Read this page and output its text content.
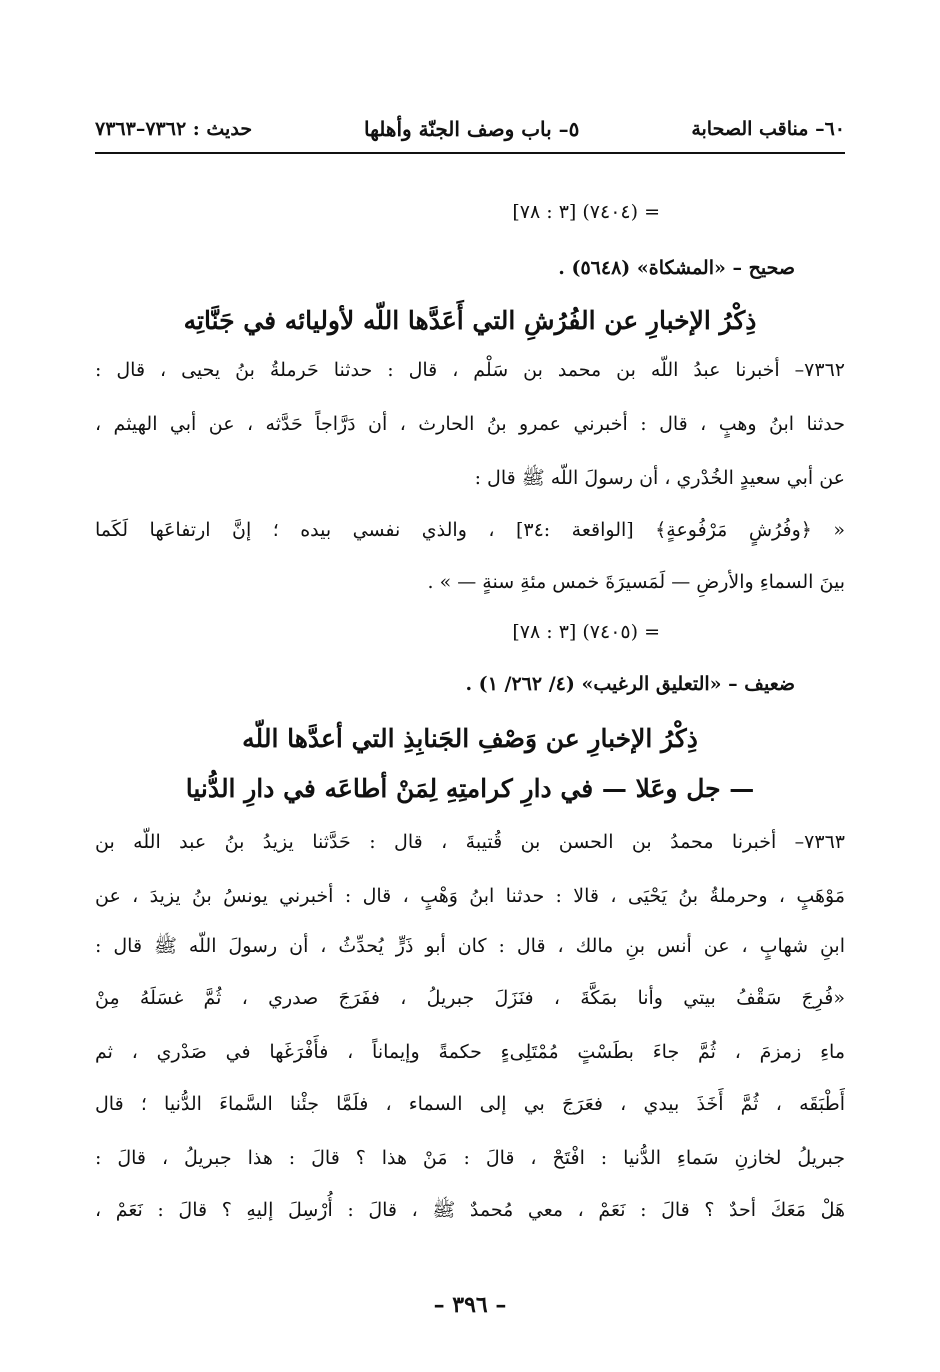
٦٠– مناقب الصحابة
٥– باب وصف الجنّة وأهلها
حديث : ٧٣٦٢–٧٣٦٣
= (٧٤٠٤) [٣ : ٧٨]
صحيح – «المشكاة» (٥٦٤٨) .
ذِكْرُ الإخبارِ عن الفُرُشِ التي أَعَدَّها اللّه لأوليائه في جَنَّاتِه
٧٣٦٢– أخبرنا عبدُ اللّه بن محمد بن سَلْم ، قال : حدثنا حَرملةُ بنُ يحيى ، قال :
حدثنا ابنُ وهبٍ ، قال : أخبرني عمرو بنُ الحارث ، أن دَرَّاجاً حَدَّثه ، عن أبي الهيثم ،
عن أبي سعيدٍ الخُدْري ، أن رسولَ اللّه ﷺ قال :
« ﴿وفُرُشٍ مَرْفُوعةٍ﴾ [الواقعة :٣٤] ، والذي نفسي بيده ؛ إنَّ ارتفاعَها لَكَما
بينَ السماءِ والأرضِ — لَمَسيرَةَ خمس مئةِ سنةٍ — » .
= (٧٤٠٥) [٣ : ٧٨]
ضعيف – «التعليق الرغيب» (٤/ ٢٦٢/ ١) .
ذِكْرُ الإخبارِ عن وَصْفِ الجَنابِذِ التي أعدَّها اللّه
— جل وعَلا — في دارِ كرامتِهِ لِمَنْ أطاعَه في دارِ الدُّنيا
٧٣٦٣– أخبرنا محمدُ بن الحسن بن قُتيبةَ ، قال : حَدَّثنا يزيدُ بنُ عبد اللّه بن
مَوْهَبٍ ، وحرملةُ بنُ يَحْيَى ، قالا : حدثنا ابنُ وَهْبٍ ، قال : أخبرني يونسُ بنُ يزيدَ ، عن
ابنِ شهابٍ ، عن أنس بنِ مالك ، قال : كان أبو ذَرٍّ يُحدِّثُ ، أن رسولَ اللّه ﷺ قال :
«فُرِجَ سَقْفُ بيتي وأنا بمَكَّةَ ، فنَزَلَ جبريلُ ، ففَرَجَ صدري ، ثُمَّ غسَلَهُ مِنْ
ماءِ زمزمَ ، ثُمَّ جاءَ بطَسْتٍ مُمْتَلِىءٍ حكمةً وإيماناً ، فأَفْرَغَها في صَدْري ، ثم
أَطْبَقَه ، ثُمَّ أَخَذَ بيدي ، فعَرَجَ بي إلى السماء ، فلَمَّا جئْنا السَّماءَ الدُّنيا ؛ قال
جبريلُ لخازنِ سَماءِ الدُّنيا : افْتَحْ ، قالَ : مَنْ هذا ؟ قالَ : هذا جبريلُ ، قالَ :
هَلْ مَعَكَ أحدٌ ؟ قالَ : نَعَمْ ، معي مُحمدٌ ﷺ ، قالَ : أُرْسِلَ إليهِ ؟ قالَ : نَعَمْ ،
– ٣٩٦ –
